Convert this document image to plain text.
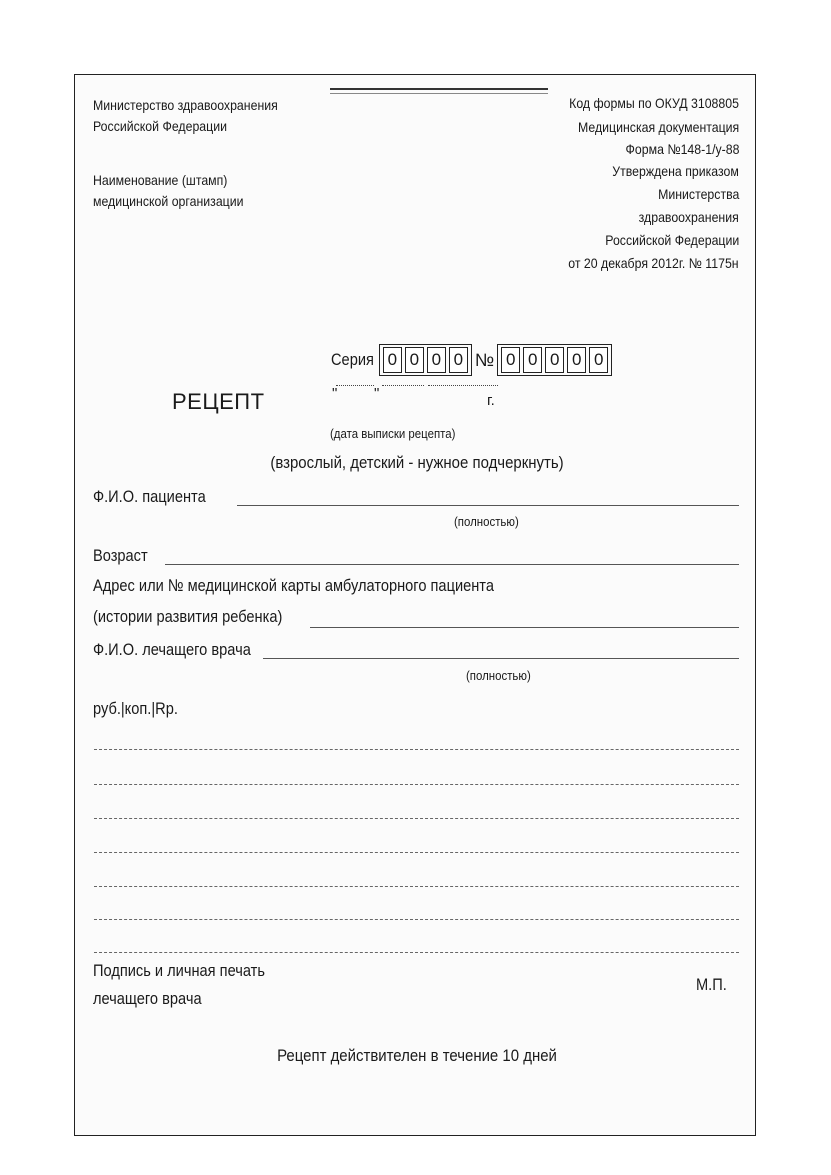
Министерство здравоохранения
Российской Федерации
Наименование (штамп)
медицинской организации
Код формы по ОКУД 3108805
Медицинская документация
Форма №148-1/у-88
Утверждена приказом
Министерства
здравоохранения
Российской Федерации
от 20 декабря 2012г. № 1175н
Серия 0 0 0 0 № 0 0 0 0 0
РЕЦЕПТ	" "	г.
(дата выписки рецепта)
(взрослый, детский - нужное подчеркнуть)
Ф.И.О. пациента
(полностью)
Возраст
Адрес или № медицинской карты амбулаторного пациента
(истории развития ребенка)
Ф.И.О. лечащего врача
(полностью)
руб.|коп.|Rp.
Подпись и личная печать
лечащего врача
М.П.
Рецепт действителен в течение 10 дней
